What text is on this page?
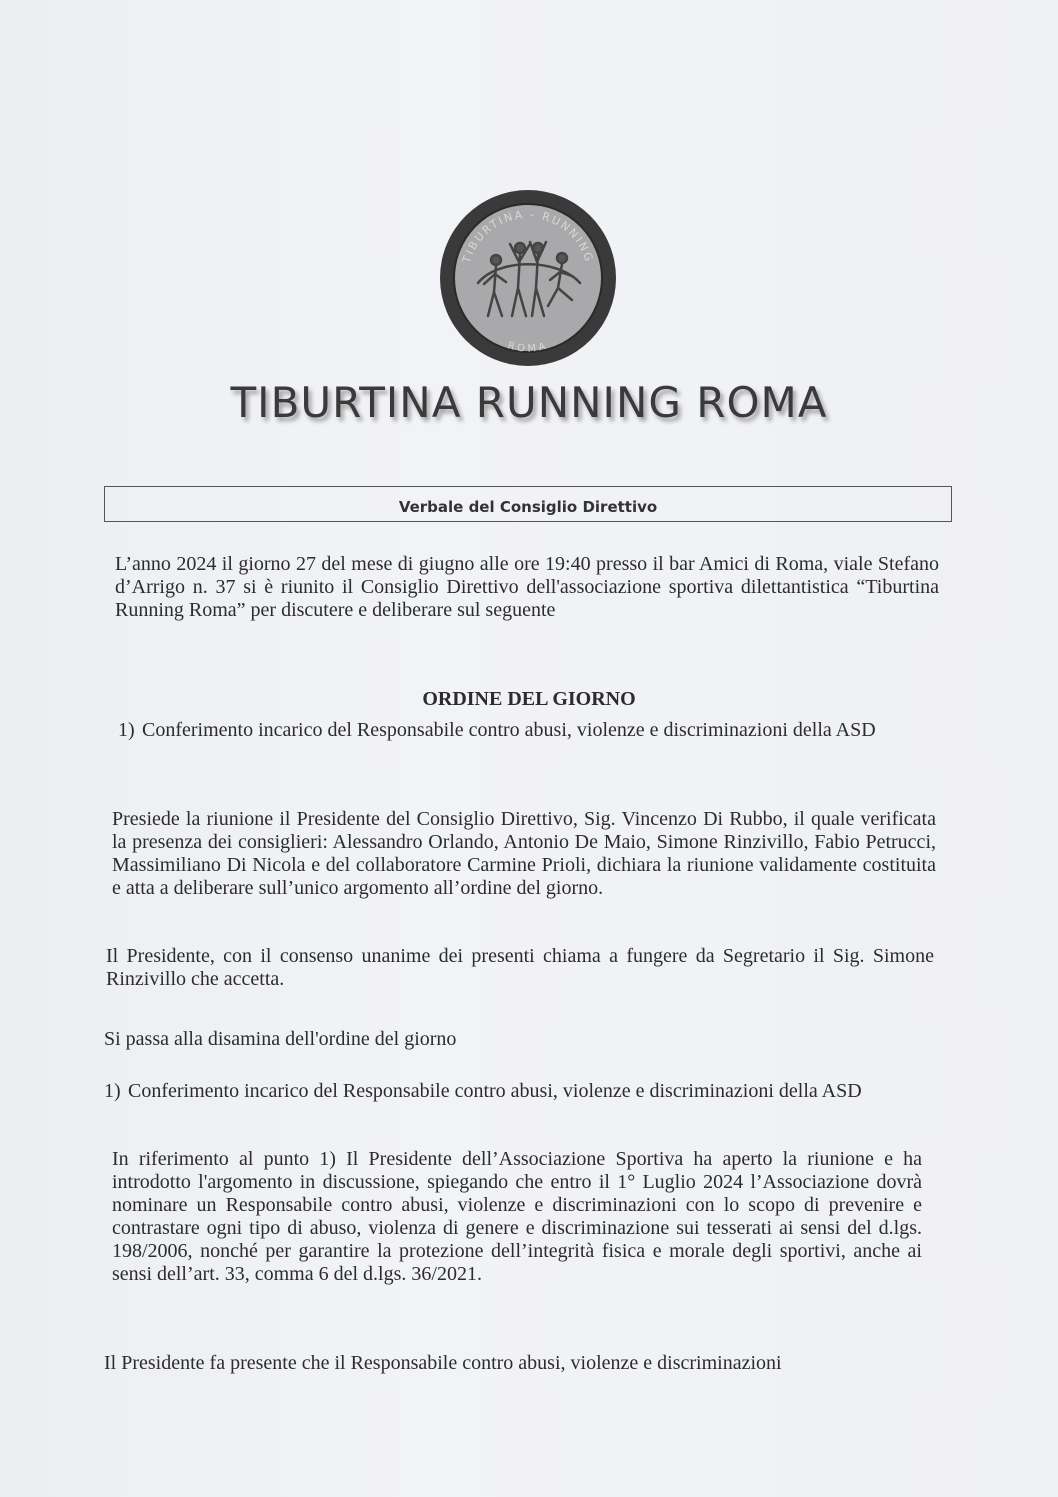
TIBURTINA - RUNNING
ROMA
TIBURTINA RUNNING ROMA
Verbale del Consiglio Direttivo
L’anno 2024 il giorno 27 del mese di giugno alle ore 19:40 presso il bar Amici di Roma, viale Stefano d’Arrigo n. 37 si è riunito il Consiglio Direttivo dell'associazione sportiva dilettantistica “Tiburtina Running Roma” per discutere e deliberare sul seguente
ORDINE DEL GIORNO
1) Conferimento incarico del Responsabile contro abusi, violenze e discriminazioni della ASD
Presiede la riunione il Presidente del Consiglio Direttivo, Sig. Vincenzo Di Rubbo, il quale verificata la presenza dei consiglieri: Alessandro Orlando, Antonio De Maio, Simone Rinzivillo, Fabio Petrucci, Massimiliano Di Nicola e del collaboratore Carmine Prioli, dichiara la riunione validamente costituita e atta a deliberare sull’unico argomento all’ordine del giorno.
Il Presidente, con il consenso unanime dei presenti chiama a fungere da Segretario il Sig. Simone Rinzivillo che accetta.
Si passa alla disamina dell'ordine del giorno
1) Conferimento incarico del Responsabile contro abusi, violenze e discriminazioni della ASD
In riferimento al punto 1) Il Presidente dell’Associazione Sportiva ha aperto la riunione e ha introdotto l'argomento in discussione, spiegando che entro il 1° Luglio 2024 l’Associazione dovrà nominare un Responsabile contro abusi, violenze e discriminazioni con lo scopo di prevenire e contrastare ogni tipo di abuso, violenza di genere e discriminazione sui tesserati ai sensi del d.lgs. 198/2006, nonché per garantire la protezione dell’integrità fisica e morale degli sportivi, anche ai sensi dell’art. 33, comma 6 del d.lgs. 36/2021.
Il Presidente fa presente che il Responsabile contro abusi, violenze e discriminazioni
